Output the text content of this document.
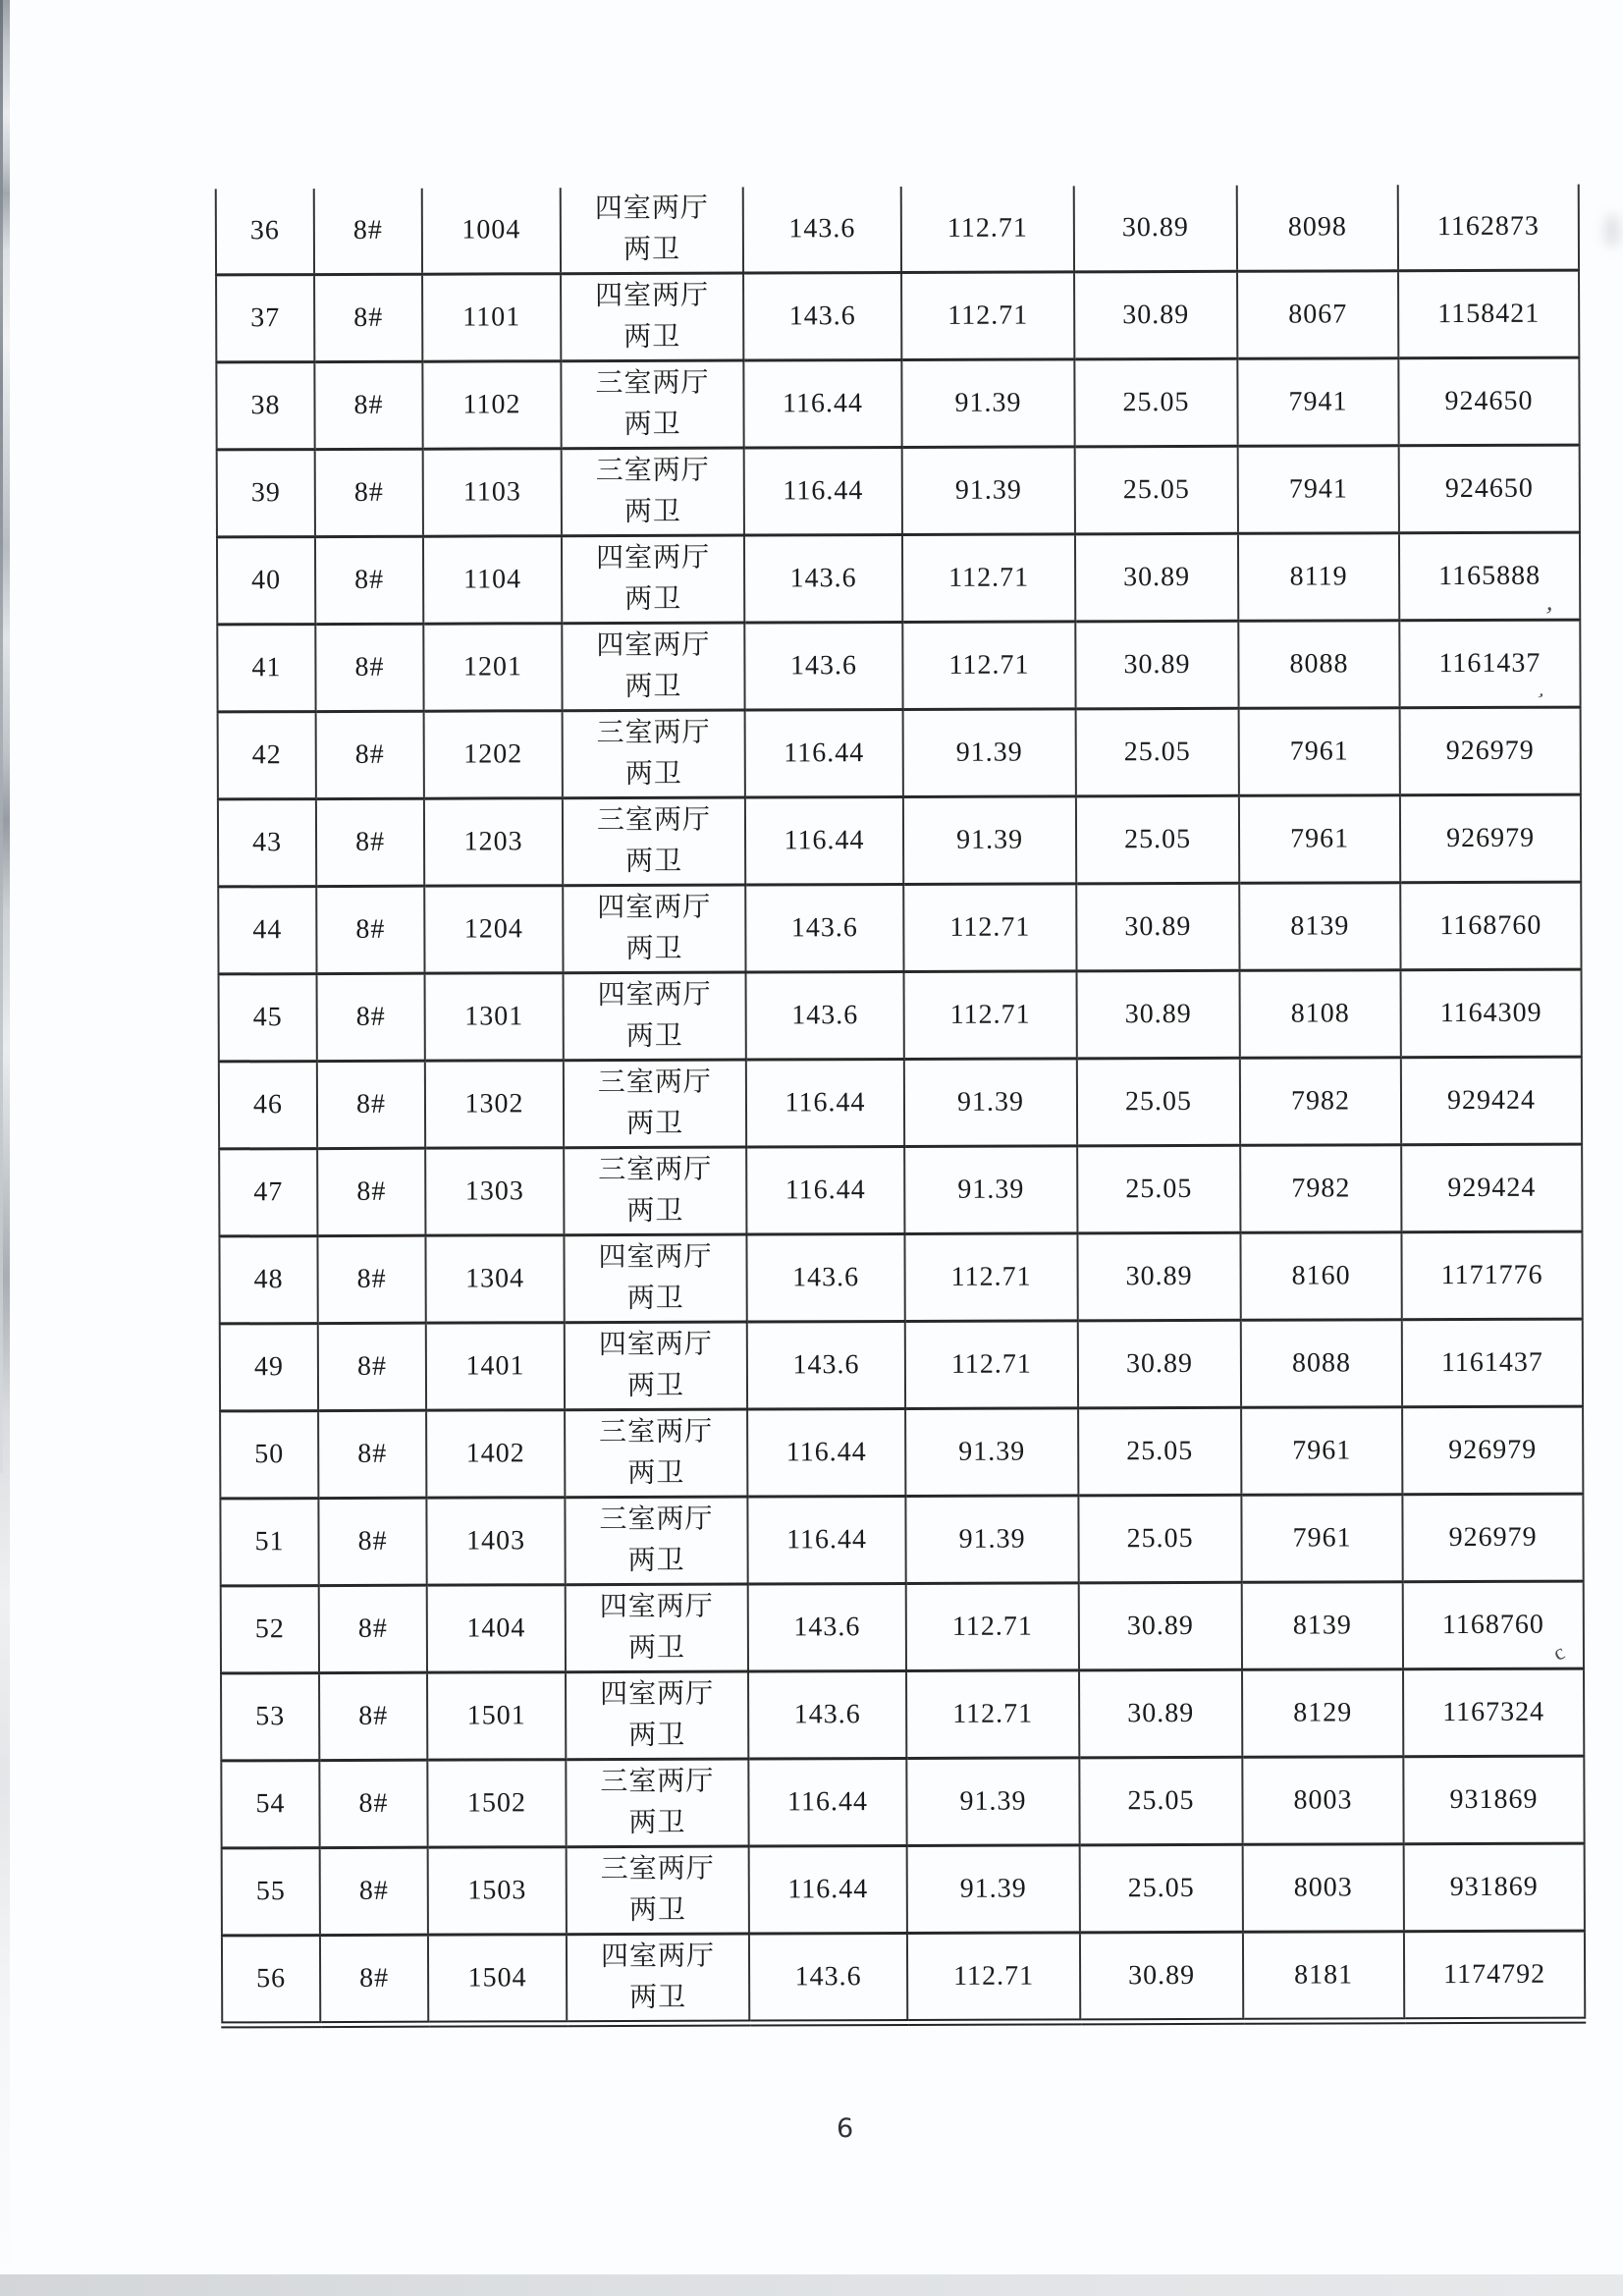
36	8#	1004	四室两厅两卫	143.6	112.71	30.89	8098	1162873
37	8#	1101	四室两厅两卫	143.6	112.71	30.89	8067	1158421
38	8#	1102	三室两厅两卫	116.44	91.39	25.05	7941	924650
39	8#	1103	三室两厅两卫	116.44	91.39	25.05	7941	924650
40	8#	1104	四室两厅两卫	143.6	112.71	30.89	8119	1165888
41	8#	1201	四室两厅两卫	143.6	112.71	30.89	8088	1161437
42	8#	1202	三室两厅两卫	116.44	91.39	25.05	7961	926979
43	8#	1203	三室两厅两卫	116.44	91.39	25.05	7961	926979
44	8#	1204	四室两厅两卫	143.6	112.71	30.89	8139	1168760
45	8#	1301	四室两厅两卫	143.6	112.71	30.89	8108	1164309
46	8#	1302	三室两厅两卫	116.44	91.39	25.05	7982	929424
47	8#	1303	三室两厅两卫	116.44	91.39	25.05	7982	929424
48	8#	1304	四室两厅两卫	143.6	112.71	30.89	8160	1171776
49	8#	1401	四室两厅两卫	143.6	112.71	30.89	8088	1161437
50	8#	1402	三室两厅两卫	116.44	91.39	25.05	7961	926979
51	8#	1403	三室两厅两卫	116.44	91.39	25.05	7961	926979
52	8#	1404	四室两厅两卫	143.6	112.71	30.89	8139	1168760
53	8#	1501	四室两厅两卫	143.6	112.71	30.89	8129	1167324
54	8#	1502	三室两厅两卫	116.44	91.39	25.05	8003	931869
55	8#	1503	三室两厅两卫	116.44	91.39	25.05	8003	931869
56	8#	1504	四室两厅两卫	143.6	112.71	30.89	8181	1174792
6
,
,
c
